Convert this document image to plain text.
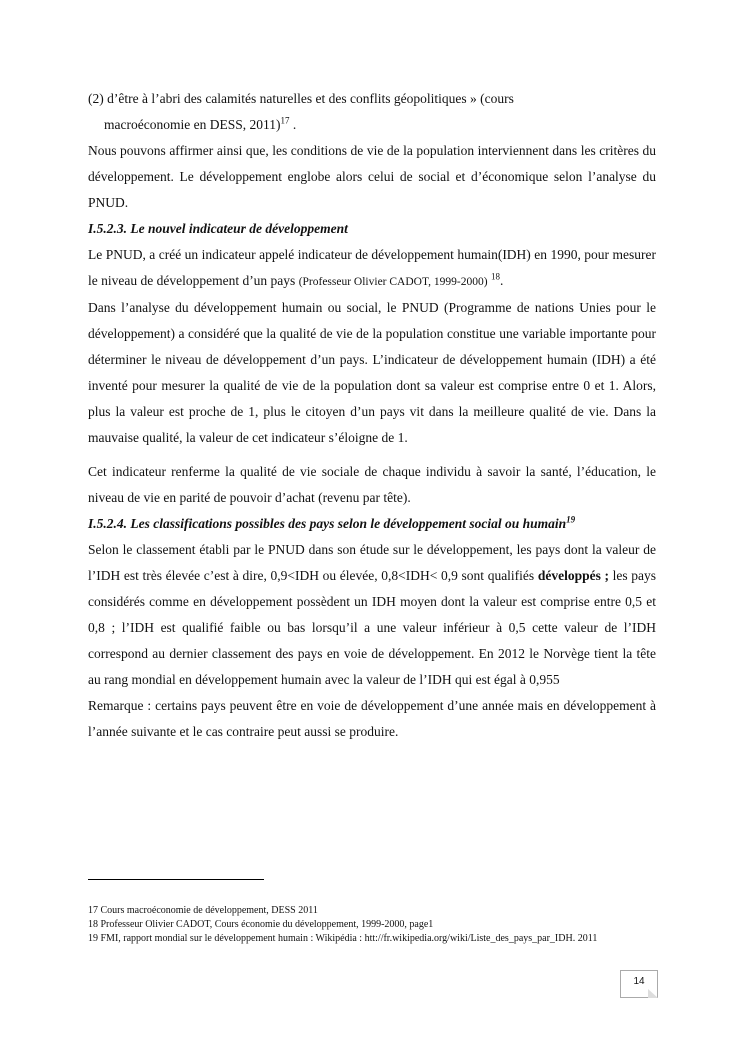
(2) d’être à l’abri des calamités naturelles et des conflits géopolitiques » (cours

macroéconomie en DESS, 2011)$^{17}$ .

Nous pouvons affirmer ainsi que, les conditions de vie de la population interviennent dans les critères du développement. Le développement englobe alors celui de social et d’économique selon l’analyse du PNUD.

I.5.2.3. Le nouvel indicateur de développement

Le PNUD, a créé un indicateur appelé indicateur de développement humain(IDH) en 1990, pour mesurer le niveau de développement d’un pays (Professeur Olivier CADOT, 1999-2000) $^{18}$.

Dans l’analyse du développement humain ou social, le PNUD (Programme de nations Unies pour le développement) a considéré que la qualité de vie de la population constitue une variable importante pour déterminer le niveau de développement d’un pays. L’indicateur de développement humain (IDH) a été inventé pour mesurer la qualité de vie de la population dont sa valeur est comprise entre 0 et 1. Alors, plus la valeur est proche de 1, plus le citoyen d’un pays vit dans la meilleure qualité de vie. Dans la mauvaise qualité, la valeur de cet indicateur s’éloigne de 1.

Cet indicateur renferme la qualité de vie sociale de chaque individu à savoir la santé, l’éducation, le niveau de vie en parité de pouvoir d’achat (revenu par tête).

I.5.2.4. Les classifications possibles des pays selon le développement social ou humain$^{19}$

Selon le classement établi par le PNUD dans son étude sur le développement, les pays dont la valeur de l’IDH est très élevée c’est à dire, 0,9<IDH ou élevée, 0,8<IDH< 0,9 sont qualifiés développés ; les pays considérés comme en développement possèdent un IDH moyen dont la valeur est comprise entre 0,5 et 0,8 ; l’IDH est qualifié faible ou bas lorsqu’il a une valeur inférieur à 0,5 cette valeur de l’IDH correspond au dernier classement des pays en voie de développement. En 2012 le Norvège tient la tête au rang mondial en développement humain avec la valeur de l’IDH qui est égal à 0,955

Remarque : certains pays peuvent être en voie de développement d’une année mais en développement à l’année suivante et le cas contraire peut aussi se produire.

17 Cours macroéconomie de développement, DESS 2011

18 Professeur Olivier CADOT, Cours économie du développement, 1999-2000, page1

19 FMI, rapport mondial sur le développement humain : Wikipédia : htt://fr.wikipedia.org/wiki/Liste_des_pays_par_IDH. 2011

14
